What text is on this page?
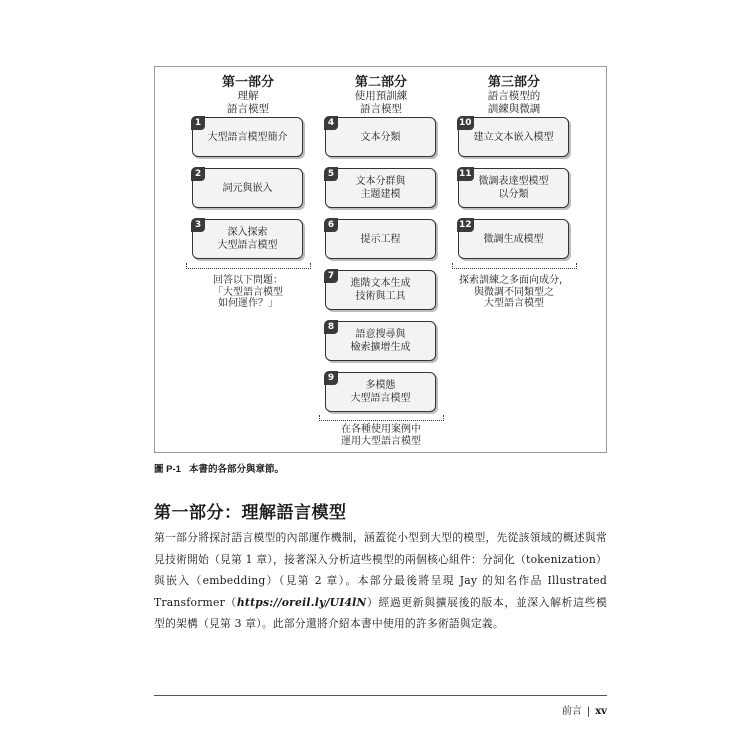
第一部分
理解
語言模型
1
大型語言模型簡介
2
詞元與嵌入
3
深入探索
大型語言模型
回答以下問題：
「大型語言模型
如何運作？」
第二部分
使用預訓練
語言模型
4
文本分類
5
文本分群與
主題建模
6
提示工程
7
進階文本生成
技術與工具
8
語意搜尋與
檢索擴增生成
9
多模態
大型語言模型
在各種使用案例中
運用大型語言模型
第三部分
語言模型的
訓練與微調
10
建立文本嵌入模型
11
微調表達型模型
以分類
12
微調生成模型
探索訓練之多面向成分，
與微調不同類型之
大型語言模型
圖 P-1 本書的各部分與章節。
第一部分：理解語言模型

第一部分將探討語言模型的內部運作機制，涵蓋從小型到大型的模型，先從該領域的概述與常見技術開始（見第 1 章），接著深入分析這些模型的兩個核心組件：分詞化（tokenization）與嵌入（embedding）（見第 2 章）。本部分最後將呈現 Jay 的知名作品 Illustrated Transformer（https://oreil.ly/UI4lN）經過更新與擴展後的版本，並深入解析這些模型的架構（見第 3 章）。此部分還將介紹本書中使用的許多術語與定義。

前言 | xv
